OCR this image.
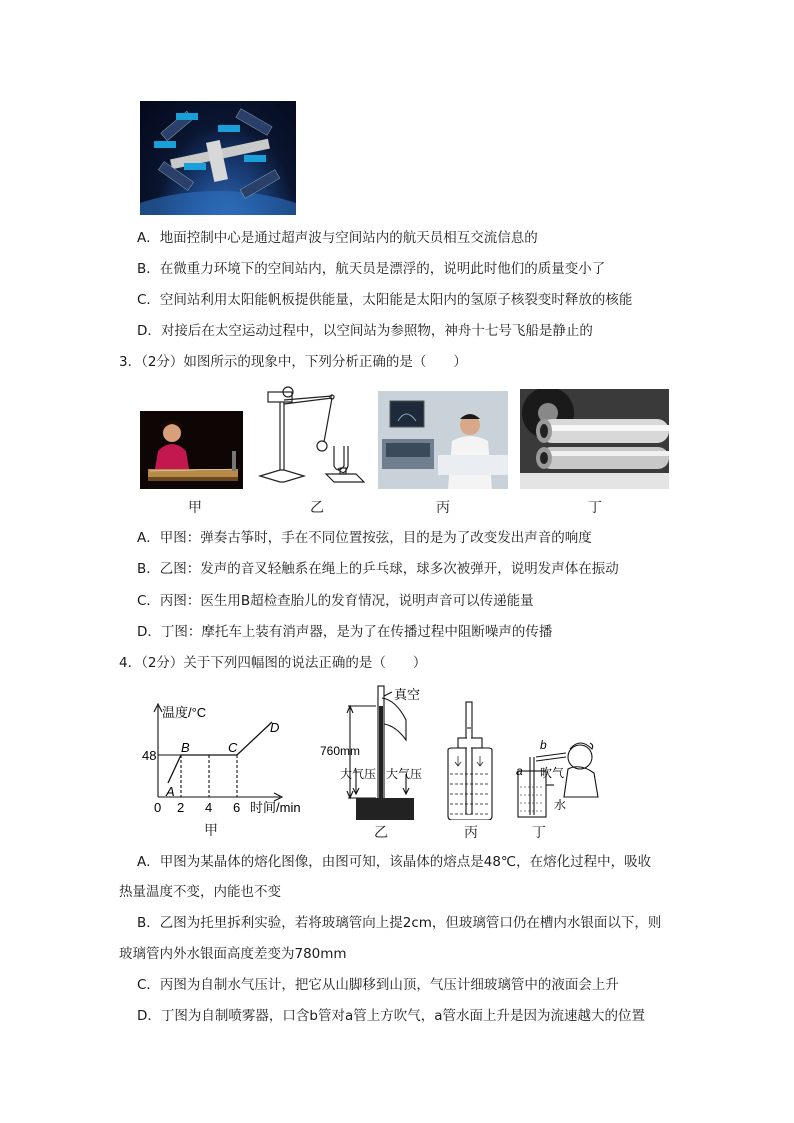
A．地面控制中心是通过超声波与空间站内的航天员相互交流信息的
B．在微重力环境下的空间站内，航天员是漂浮的，说明此时他们的质量变小了
C．空间站利用太阳能帆板提供能量，太阳能是太阳内的氢原子核裂变时释放的核能
D．对接后在太空运动过程中，以空间站为参照物，神舟十七号飞船是静止的
3．（2分）如图所示的现象中，下列分析正确的是（　　）
甲	乙	丙	丁
A．甲图：弹奏古筝时，手在不同位置按弦，目的是为了改变发出声音的响度
B．乙图：发声的音叉轻触系在绳上的乒乓球，球多次被弹开，说明发声体在振动
C．丙图：医生用B超检查胎儿的发育情况，说明声音可以传递能量
D．丁图：摩托车上装有消声器，是为了在传播过程中阻断噪声的传播
4．（2分）关于下列四幅图的说法正确的是（　　）
温度/°C
48
0 2 4 6 时间/min
A
B	C
D
真空
760mm
大气压 大气压	a
b
吹气
水
甲	乙	丙	丁
A．甲图为某晶体的熔化图像，由图可知，该晶体的熔点是48℃，在熔化过程中，吸收
热量温度不变，内能也不变
B．乙图为托里拆利实验，若将玻璃管向上提2cm，但玻璃管口仍在槽内水银面以下，则
玻璃管内外水银面高度差变为780mm
C．丙图为自制水气压计，把它从山脚移到山顶，气压计细玻璃管中的液面会上升
D．丁图为自制喷雾器，口含b管对a管上方吹气，a管水面上升是因为流速越大的位置
